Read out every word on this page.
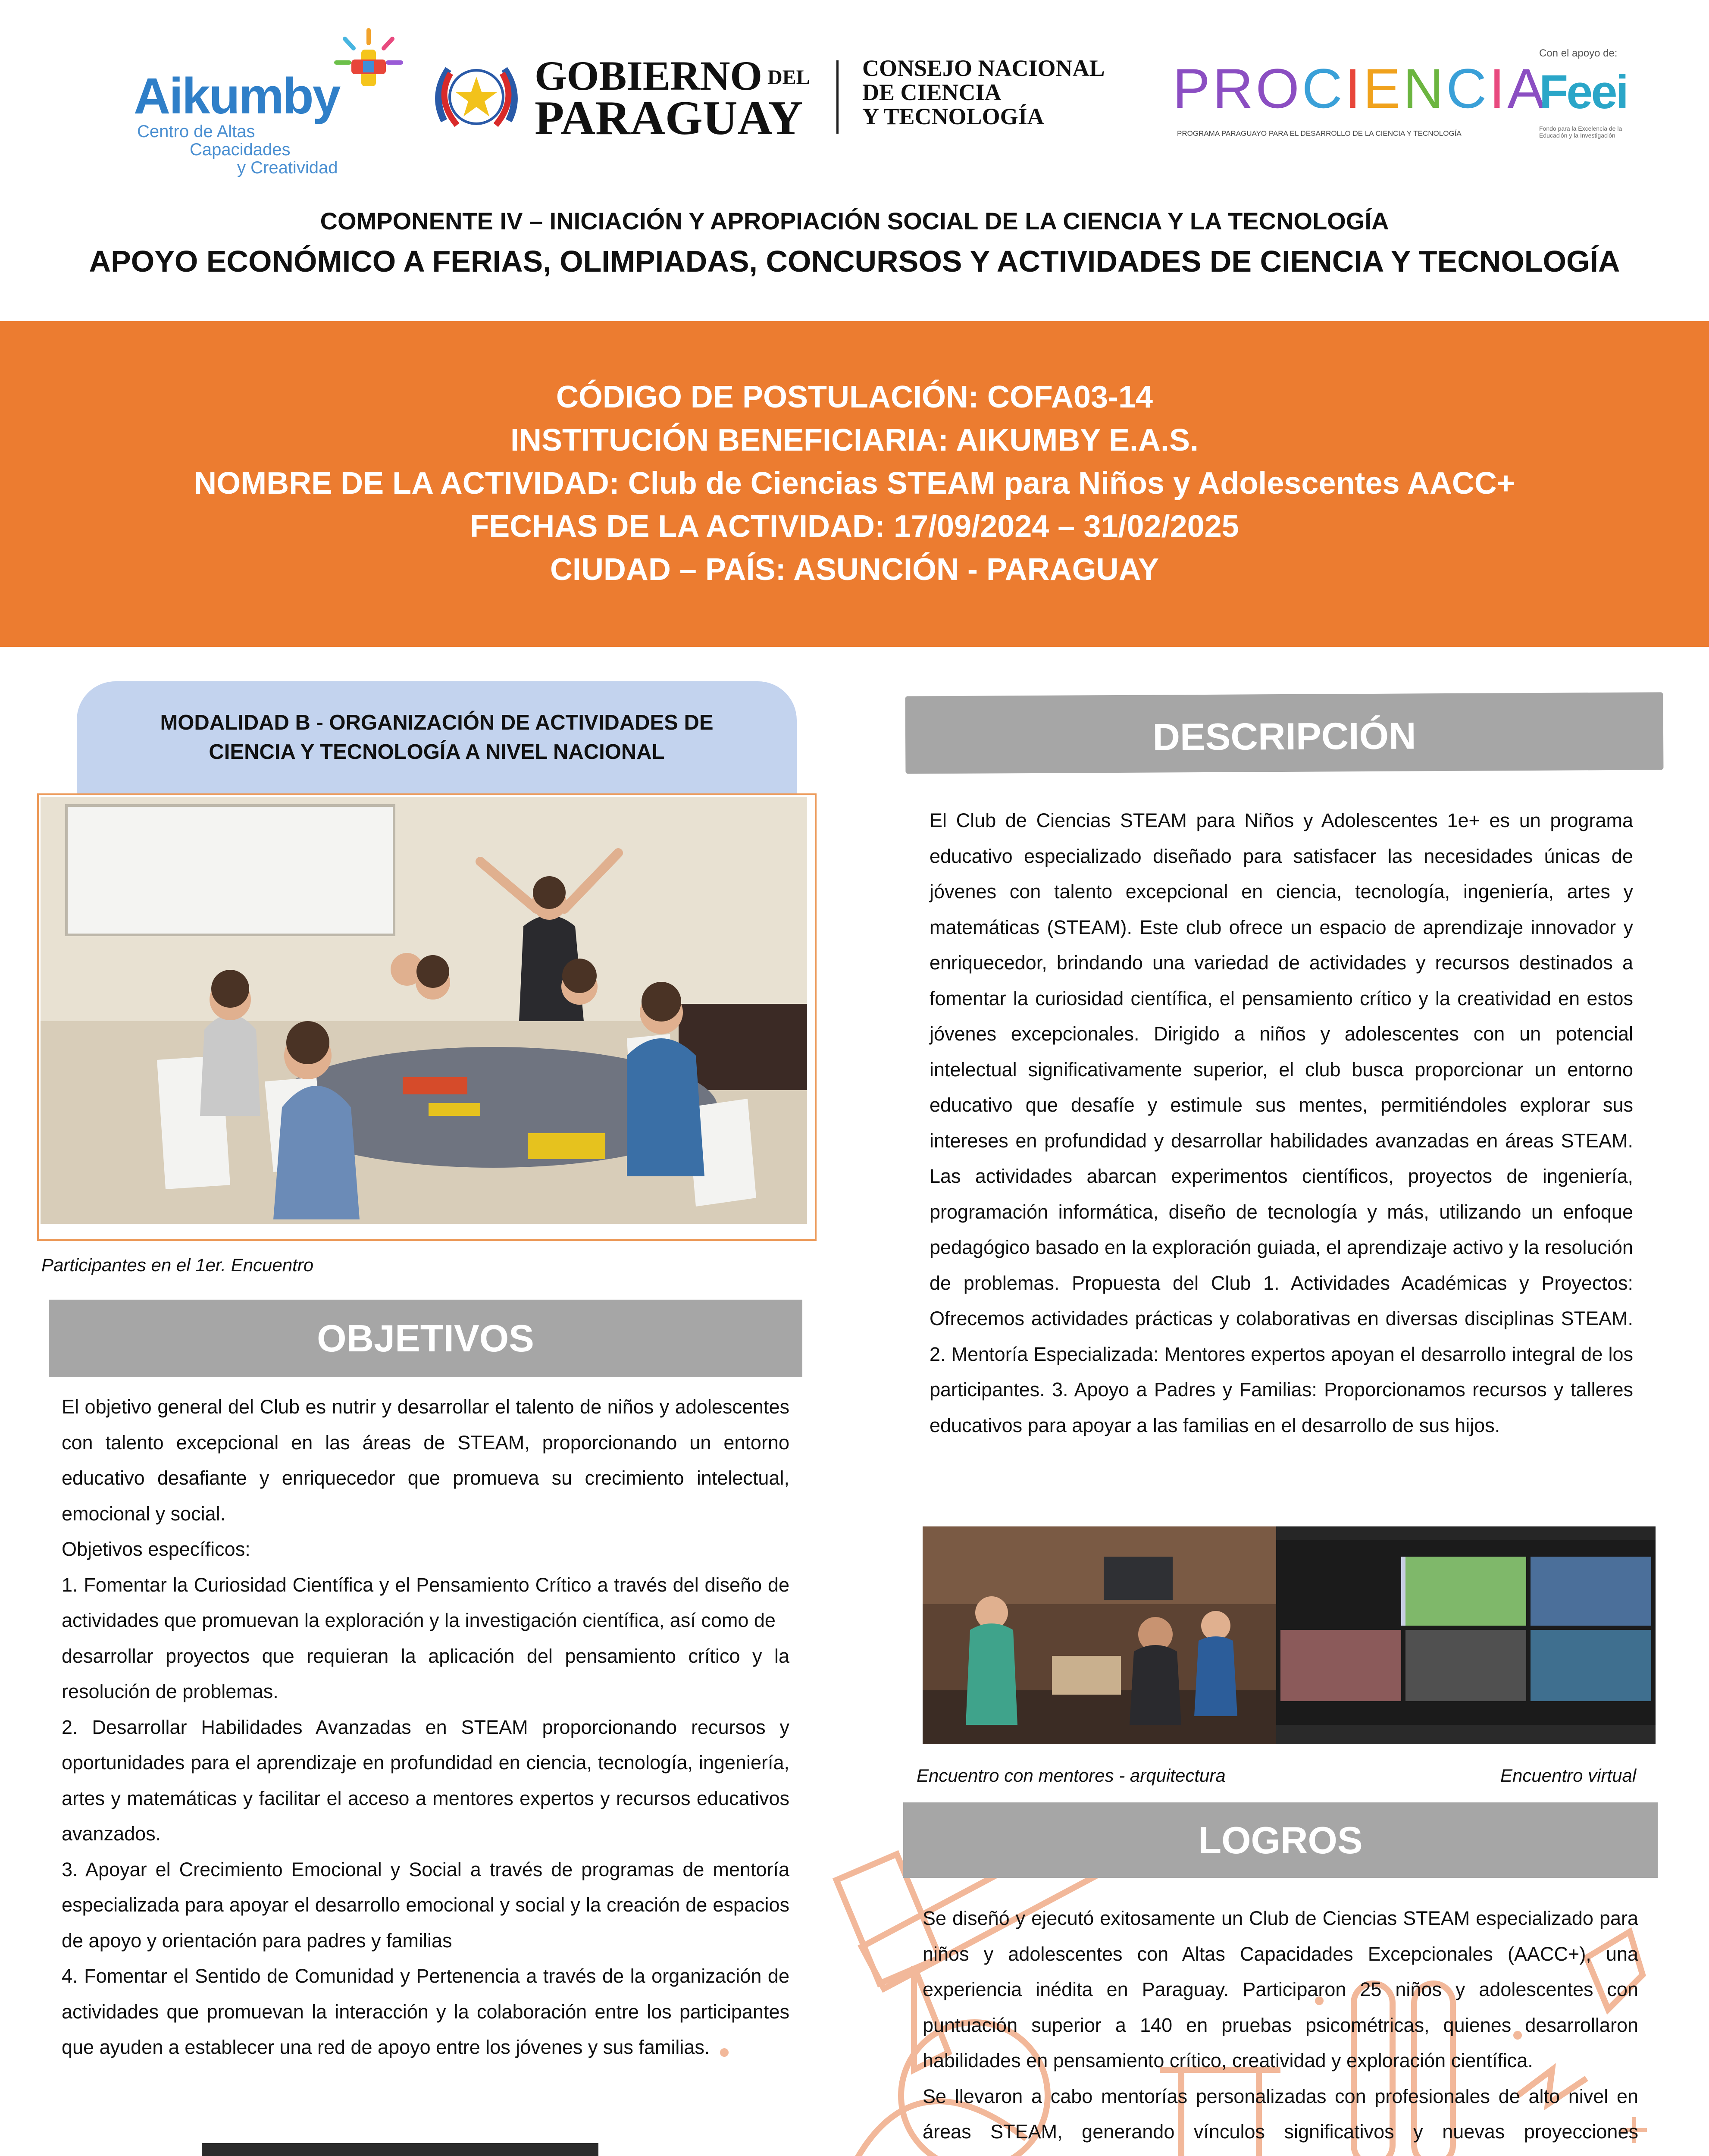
Aikumby
Centro de Altas
Capacidades
y Creatividad
GOBIERNO DEL
PARAGUAY
CONSEJO NACIONAL
DE CIENCIA
Y TECNOLOGÍA PROCIENCIA
PROGRAMA PARAGUAYO PARA EL DESARROLLO DE LA CIENCIA Y TECNOLOGÍA
Con el apoyo de:
Feei
Fondo para la Excelencia de la Educación y la Investigación
COMPONENTE IV – INICIACIÓN Y APROPIACIÓN SOCIAL DE LA CIENCIA Y LA TECNOLOGÍA
APOYO ECONÓMICO A FERIAS, OLIMPIADAS, CONCURSOS Y ACTIVIDADES DE CIENCIA Y TECNOLOGÍA
CÓDIGO DE POSTULACIÓN: COFA03-14
INSTITUCIÓN BENEFICIARIA: AIKUMBY E.A.S.
NOMBRE DE LA ACTIVIDAD: Club de Ciencias STEAM para Niños y Adolescentes AACC+
FECHAS DE LA ACTIVIDAD: 17/09/2024 – 31/02/2025
CIUDAD – PAÍS: ASUNCIÓN - PARAGUAY
MODALIDAD B - ORGANIZACIÓN DE ACTIVIDADES DE
CIENCIA Y TECNOLOGÍA A NIVEL NACIONAL
Participantes en el 1er. Encuentro
OBJETIVOS

El objetivo general del Club es nutrir y desarrollar el talento de niños y adolescentes con talento excepcional en las áreas de STEAM, proporcionando un entorno educativo desafiante y enriquecedor que promueva su crecimiento intelectual, emocional y social.

Objetivos específicos:

1. Fomentar la Curiosidad Científica y el Pensamiento Crítico a través del diseño de actividades que promuevan la exploración y la investigación científica, así como de

desarrollar proyectos que requieran la aplicación del pensamiento crítico y la resolución de problemas.

2. Desarrollar Habilidades Avanzadas en STEAM proporcionando recursos y oportunidades para el aprendizaje en profundidad en ciencia, tecnología, ingeniería, artes y matemáticas y facilitar el acceso a mentores expertos y recursos educativos avanzados.

3. Apoyar el Crecimiento Emocional y Social a través de programas de mentoría especializada para apoyar el desarrollo emocional y social y la creación de espacios de apoyo y orientación para padres y familias

4. Fomentar el Sentido de Comunidad y Pertenencia a través de la organización de actividades que promuevan la interacción y la colaboración entre los participantes que ayuden a establecer una red de apoyo entre los jóvenes y sus familias.

DESCRIPCIÓN

El Club de Ciencias STEAM para Niños y Adolescentes 1e+ es un programa educativo especializado diseñado para satisfacer las necesidades únicas de jóvenes con talento excepcional en ciencia, tecnología, ingeniería, artes y matemáticas (STEAM). Este club ofrece un espacio de aprendizaje innovador y enriquecedor, brindando una variedad de actividades y recursos destinados a fomentar la curiosidad científica, el pensamiento crítico y la creatividad en estos jóvenes excepcionales. Dirigido a niños y adolescentes con un potencial intelectual significativamente superior, el club busca proporcionar un entorno educativo que desafíe y estimule sus mentes, permitiéndoles explorar sus intereses en profundidad y desarrollar habilidades avanzadas en áreas STEAM. Las actividades abarcan experimentos científicos, proyectos de ingeniería, programación informática, diseño de tecnología y más, utilizando un enfoque pedagógico basado en la exploración guiada, el aprendizaje activo y la resolución de problemas. Propuesta del Club 1. Actividades Académicas y Proyectos: Ofrecemos actividades prácticas y colaborativas en diversas disciplinas STEAM. 2. Mentoría Especializada: Mentores expertos apoyan el desarrollo integral de los participantes. 3. Apoyo a Padres y Familias: Proporcionamos recursos y talleres educativos para apoyar a las familias en el desarrollo de sus hijos.

Encuentro con mentores - arquitectura	Encuentro virtual
LOGROS

Se diseñó y ejecutó exitosamente un Club de Ciencias STEAM especializado para niños y adolescentes con Altas Capacidades Excepcionales (AACC+), una experiencia inédita en Paraguay. Participaron 25 niños y adolescentes con puntuación superior a 140 en pruebas psicométricas, quienes desarrollaron habilidades en pensamiento crítico, creatividad y exploración científica.

Se llevaron a cabo mentorías personalizadas con profesionales de alto nivel en áreas STEAM, generando vínculos significativos y nuevas proyecciones
